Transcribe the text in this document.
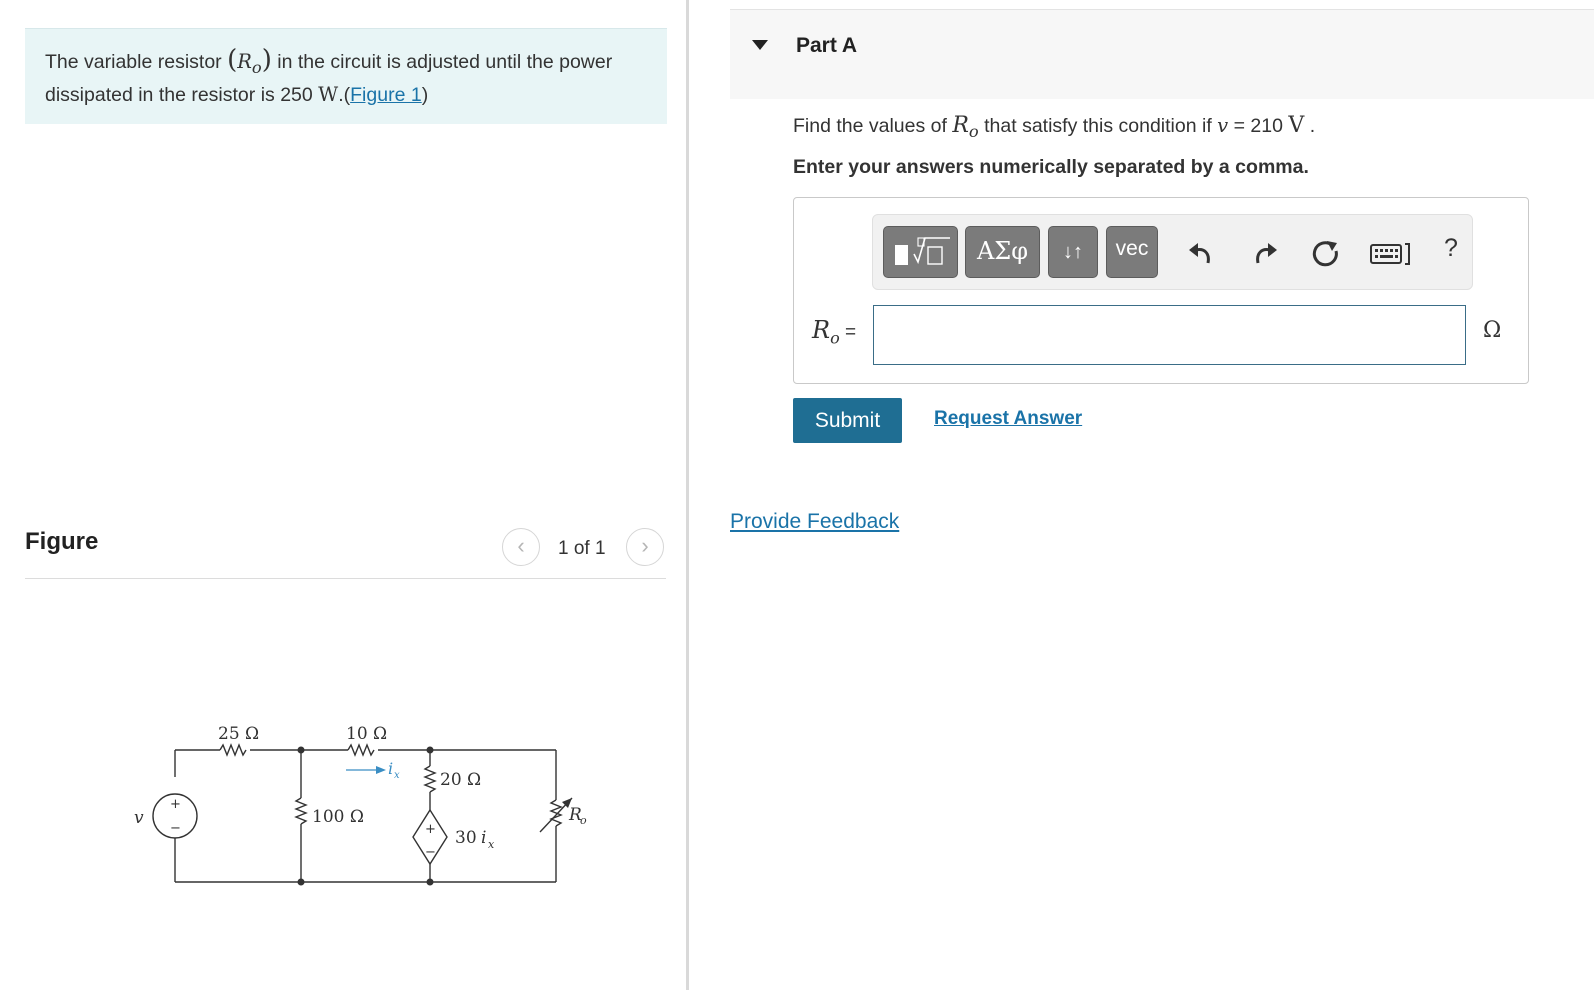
The variable resistor $(R_o)$ in the circuit is adjusted until the power dissipated in the resistor is 250 W.(Figure 1)
Figure	‹	1 of 1	›
25 Ω	10 Ω
100 Ω
20 Ω
30 i x
v	R
o
i x
+
−	+
−
Part A
Find the values of $R_o$ that satisfy this condition if v = 210 V .
Enter your answers numerically separated by a comma.
ΑΣφ	↓↑	vec	?
$R_o$ =	Ω
Submit	Request Answer
Provide Feedback
